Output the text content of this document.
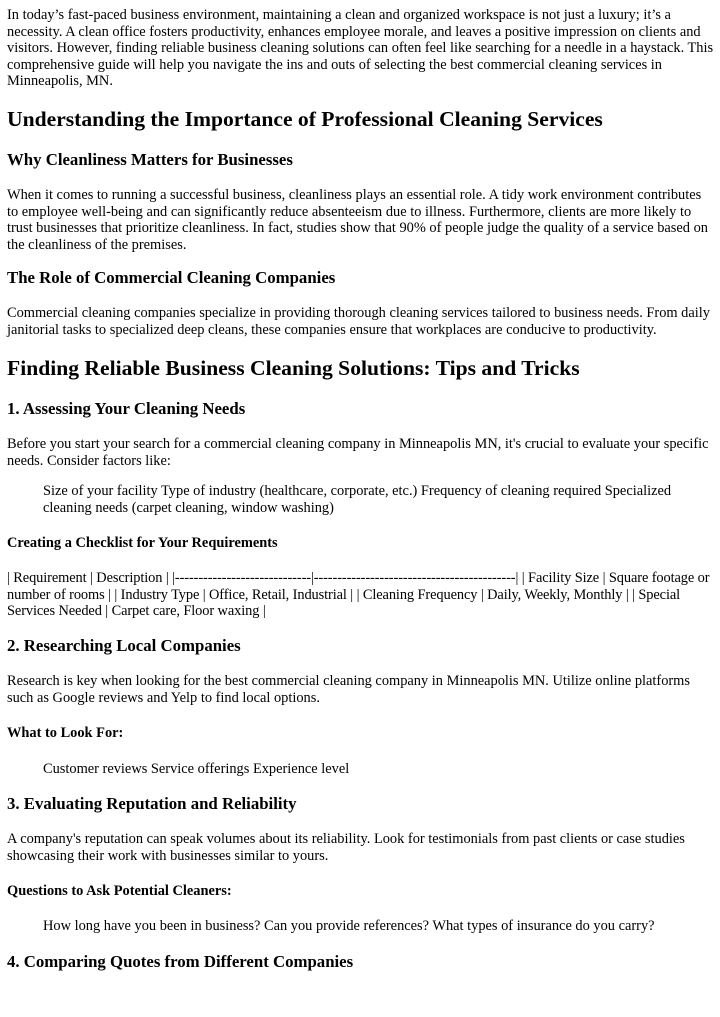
In today’s fast-paced business environment, maintaining a clean and organized workspace is not just a luxury; it’s a necessity. A clean office fosters productivity, enhances employee morale, and leaves a positive impression on clients and visitors. However, finding reliable business cleaning solutions can often feel like searching for a needle in a haystack. This comprehensive guide will help you navigate the ins and outs of selecting the best commercial cleaning services in Minneapolis, MN.

Understanding the Importance of Professional Cleaning Services
Why Cleanliness Matters for Businesses

When it comes to running a successful business, cleanliness plays an essential role. A tidy work environment contributes to employee well-being and can significantly reduce absenteeism due to illness. Furthermore, clients are more likely to trust businesses that prioritize cleanliness. In fact, studies show that 90% of people judge the quality of a service based on the cleanliness of the premises.

The Role of Commercial Cleaning Companies

Commercial cleaning companies specialize in providing thorough cleaning services tailored to business needs. From daily janitorial tasks to specialized deep cleans, these companies ensure that workplaces are conducive to productivity.

Finding Reliable Business Cleaning Solutions: Tips and Tricks
1. Assessing Your Cleaning Needs

Before you start your search for a commercial cleaning company in Minneapolis MN, it's crucial to evaluate your specific needs. Consider factors like:

Size of your facility Type of industry (healthcare, corporate, etc.) Frequency of cleaning required Specialized cleaning needs (carpet cleaning, window washing)

Creating a Checklist for Your Requirements

| Requirement | Description | |-----------------------------|-------------------------------------------| | Facility Size | Square footage or number of rooms | | Industry Type | Office, Retail, Industrial | | Cleaning Frequency | Daily, Weekly, Monthly | | Special Services Needed | Carpet care, Floor waxing |

2. Researching Local Companies

Research is key when looking for the best commercial cleaning company in Minneapolis MN. Utilize online platforms such as Google reviews and Yelp to find local options.

What to Look For:

Customer reviews Service offerings Experience level

3. Evaluating Reputation and Reliability

A company's reputation can speak volumes about its reliability. Look for testimonials from past clients or case studies showcasing their work with businesses similar to yours.

Questions to Ask Potential Cleaners:

How long have you been in business? Can you provide references? What types of insurance do you carry?

4. Comparing Quotes from Different Companies
